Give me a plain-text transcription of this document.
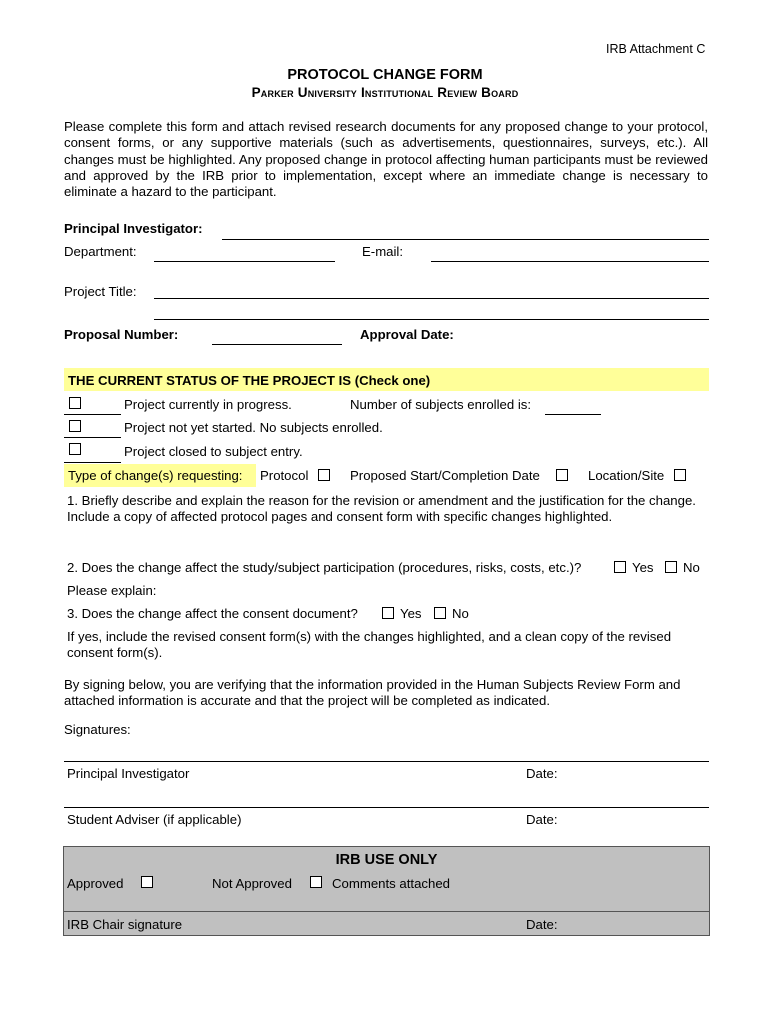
IRB Attachment C
PROTOCOL CHANGE FORM
Parker University Institutional Review Board
Please complete this form and attach revised research documents for any proposed change to your protocol, consent forms, or any supportive materials (such as advertisements, questionnaires, surveys, etc.). All changes must be highlighted. Any proposed change in protocol affecting human participants must be reviewed and approved by the IRB prior to implementation, except where an immediate change is necessary to eliminate a hazard to the participant.
Principal Investigator:
Department:	E-mail:
Project Title:
Proposal Number:	Approval Date:
THE CURRENT STATUS OF THE PROJECT IS (Check one)
Project currently in progress.	Number of subjects enrolled is:
Project not yet started. No subjects enrolled.
Project closed to subject entry.
Type of change(s) requesting:	Protocol	Proposed Start/Completion Date	Location/Site
1. Briefly describe and explain the reason for the revision or amendment and the justification for the change. Include a copy of affected protocol pages and consent form with specific changes highlighted.
2. Does the change affect the study/subject participation (procedures, risks, costs, etc.)?	Yes No
Please explain:
3. Does the change affect the consent document?	Yes No
If yes, include the revised consent form(s) with the changes highlighted, and a clean copy of the revised consent form(s).
By signing below, you are verifying that the information provided in the Human Subjects Review Form and attached information is accurate and that the project will be completed as indicated.
Signatures:
Principal Investigator	Date:
Student Adviser (if applicable)	Date:
IRB USE ONLY
Approved	Not Approved	Comments attached
IRB Chair signature	Date:
